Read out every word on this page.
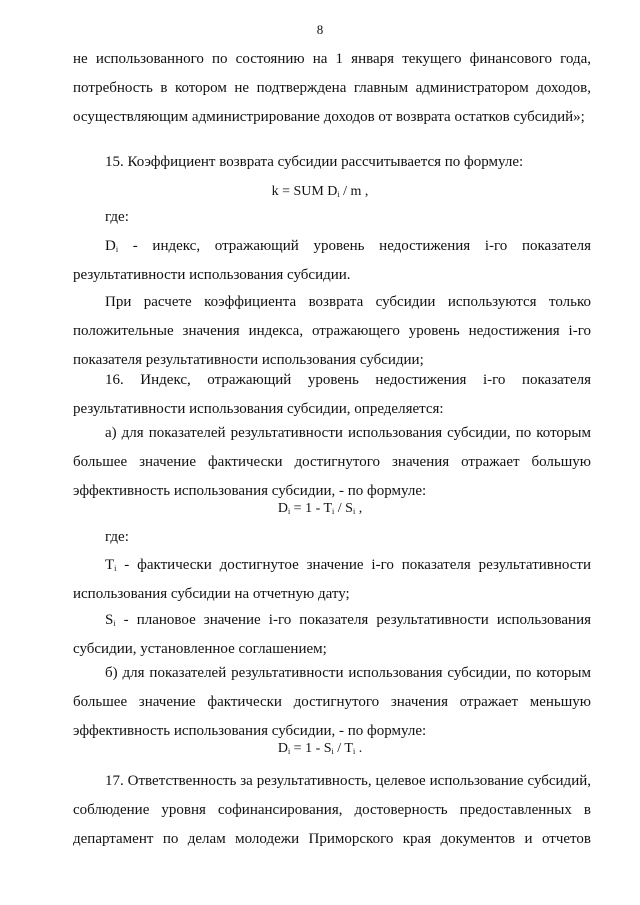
8
не использованного по состоянию на 1 января текущего финансового года,
потребность в котором не подтверждена главным администратором доходов,
осуществляющим администрирование доходов от возврата остатков субсидий»;
15. Коэффициент возврата субсидии рассчитывается по формуле:
k = SUM $D_i$ / m ,
где:
$D_i$ - индекс, отражающий уровень недостижения i-го показателя
результативности использования субсидии.
При расчете коэффициента возврата субсидии используются только
положительные значения индекса, отражающего уровень недостижения i-го
показателя результативности использования субсидии;
16. Индекс, отражающий уровень недостижения i-го показателя
результативности использования субсидии, определяется:
а) для показателей результативности использования субсидии, по которым
большее значение фактически достигнутого значения отражает большую
эффективность использования субсидии, - по формуле:
$D_i = 1 - T_i / S_i$ ,
где:
$T_i$ - фактически достигнутое значение i-го показателя результативности
использования субсидии на отчетную дату;
$S_i$ - плановое значение i-го показателя результативности использования
субсидии, установленное соглашением;
б) для показателей результативности использования субсидии, по которым
большее значение фактически достигнутого значения отражает меньшую
эффективность использования субсидии, - по формуле:
$D_i = 1 - S_i / T_i$ .
17. Ответственность за результативность, целевое использование субсидий,
соблюдение уровня софинансирования, достоверность предоставленных в
департамент по делам молодежи Приморского края документов и отчетов
